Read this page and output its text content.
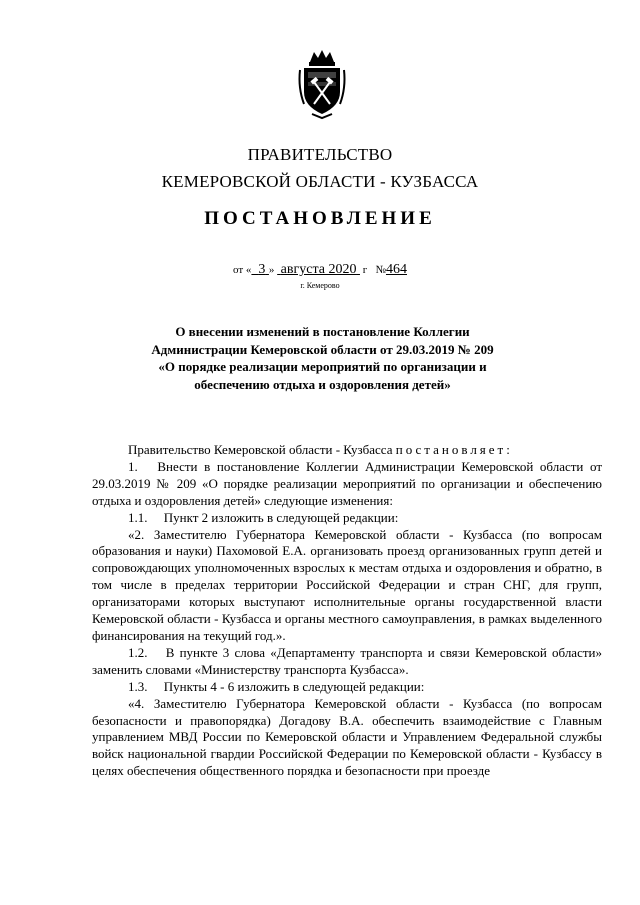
ПРАВИТЕЛЬСТВО
КЕМЕРОВСКОЙ ОБЛАСТИ - КУЗБАССА
ПОСТАНОВЛЕНИЕ
от « 3 » августа 2020 г №464
г. Кемерово
О внесении изменений в постановление Коллегии Администрации Кемеровской области от 29.03.2019 № 209 «О порядке реализации мероприятий по организации и обеспечению отдыха и оздоровления детей»

Правительство Кемеровской области - Кузбасса постановляет:

1.  Внести в постановление Коллегии Администрации Кемеровской области от 29.03.2019 № 209 «О порядке реализации мероприятий по организации и обеспечению отдыха и оздоровления детей» следующие изменения:

1.1.  Пункт 2 изложить в следующей редакции:

«2. Заместителю Губернатора Кемеровской области - Кузбасса (по вопросам образования и науки) Пахомовой Е.А. организовать проезд организованных групп детей и сопровождающих уполномоченных взрослых к местам отдыха и оздоровления и обратно, в том числе в пределах территории Российской Федерации и стран СНГ, для групп, организаторами которых выступают исполнительные органы государственной власти Кемеровской области - Кузбасса и органы местного самоуправления, в рамках выделенного финансирования на текущий год.».

1.2.  В пункте 3 слова «Департаменту транспорта и связи Кемеровской области» заменить словами «Министерству транспорта Кузбасса».

1.3.  Пункты 4 - 6 изложить в следующей редакции:

«4. Заместителю Губернатора Кемеровской области - Кузбасса (по вопросам безопасности и правопорядка) Догадову В.А. обеспечить взаимодействие с Главным управлением МВД России по Кемеровской области и Управлением Федеральной службы войск национальной гвардии Российской Федерации по Кемеровской области - Кузбассу в целях обеспечения общественного порядка и безопасности при проезде
